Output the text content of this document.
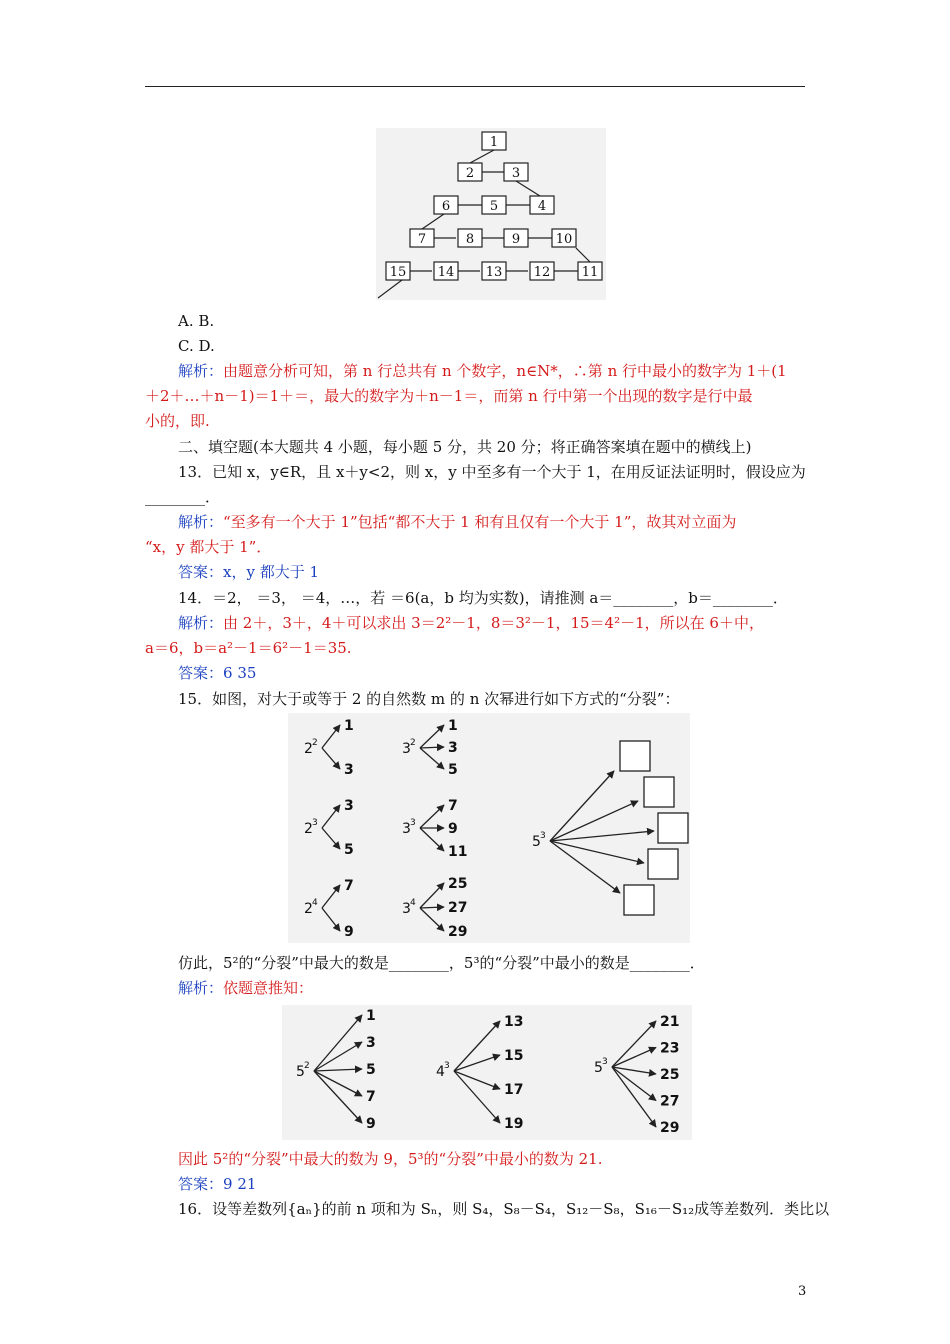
1
2	3
6	5	4
7	8	9	10
15 14 13 12 11
A. B.
C. D.
解析：由题意分析可知，第 n 行总共有 n 个数字，n∈N*，∴第 n 行中最小的数字为 1＋(1
＋2＋…＋n－1)＝1＋＝，最大的数字为＋n－1＝，而第 n 行中第一个出现的数字是行中最
小的，即.
二、填空题(本大题共 4 小题，每小题 5 分，共 20 分；将正确答案填在题中的横线上)
13．已知 x，y∈R，且 x＋y<2，则 x，y 中至多有一个大于 1，在用反证法证明时，假设应为
________．
解析：“至多有一个大于 1”包括“都不大于 1 和有且仅有一个大于 1”，故其对立面为
“x，y 都大于 1”．
答案：x，y 都大于 1
14．＝2， ＝3， ＝4，…，若 ＝6(a，b 均为实数)，请推测 a＝________，b＝________．
解析：由 2＋，3＋，4＋可以求出 3＝2²－1，8＝3²－1，15＝4²－1，所以在 6＋中，
a＝6，b＝a²－1＝6²－1＝35.
答案：6 35
15．如图，对大于或等于 2 的自然数 m 的 n 次幂进行如下方式的“分裂”：
2 2
1
3
2 3
3
5
2 4
7
9
3 2
1
3
5
3 3
7
9
11
3 4
25
27
29
5 3
仿此，5²的“分裂”中最大的数是________，5³的“分裂”中最小的数是________．
解析：依题意推知：
5 2
1
3
5
7
9
4 3
13
15
17
19
5 3
21
23
25
27
29
因此 5²的“分裂”中最大的数为 9，5³的“分裂”中最小的数为 21.
答案：9 21
16．设等差数列{aₙ}的前 n 项和为 Sₙ，则 S₄，S₈－S₄，S₁₂－S₈，S₁₆－S₁₂成等差数列．类比以
3
